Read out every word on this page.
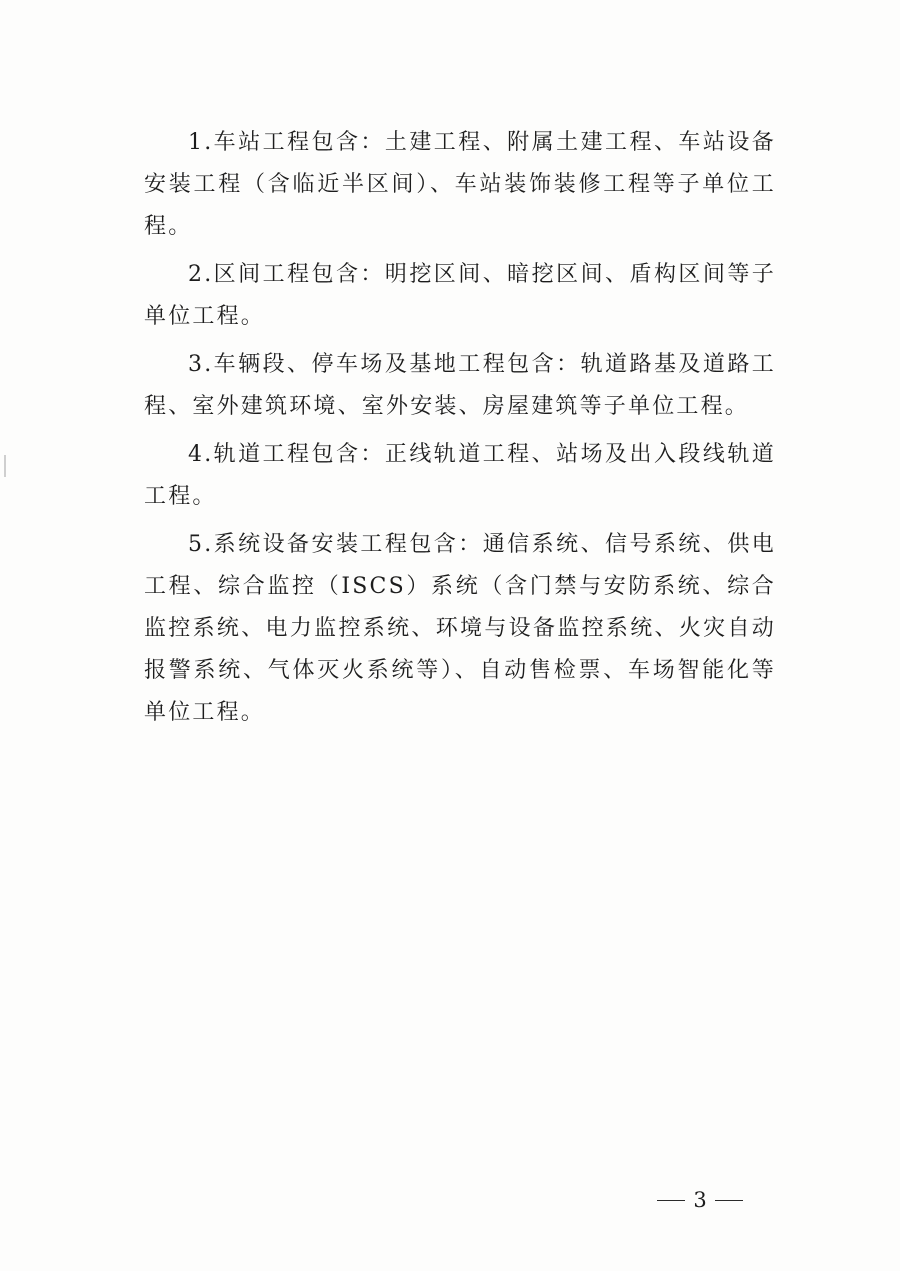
1.车站工程包含：土建工程、附属土建工程、车站设备安装工程（含临近半区间）、车站装饰装修工程等子单位工程。

2.区间工程包含：明挖区间、暗挖区间、盾构区间等子单位工程。

3.车辆段、停车场及基地工程包含：轨道路基及道路工程、室外建筑环境、室外安装、房屋建筑等子单位工程。

4.轨道工程包含：正线轨道工程、站场及出入段线轨道工程。

5.系统设备安装工程包含：通信系统、信号系统、供电工程、综合监控（ISCS）系统（含门禁与安防系统、综合监控系统、电力监控系统、环境与设备监控系统、火灾自动报警系统、气体灭火系统等）、自动售检票、车场智能化等单位工程。

3
